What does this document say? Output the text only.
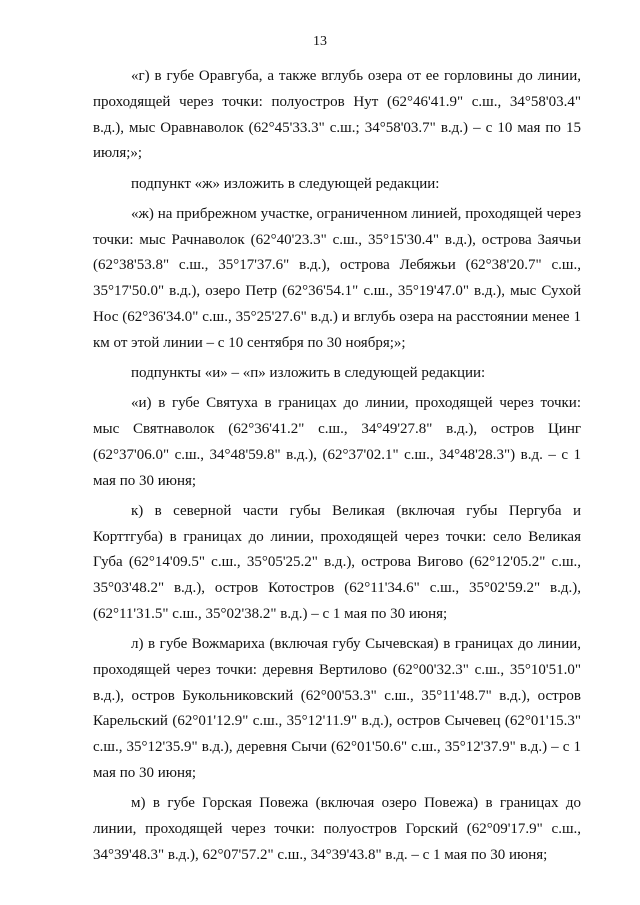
13

«г) в губе Оравгуба, а также вглубь озера от ее горловины до линии, проходящей через точки: полуостров Нут (62°46'41.9" с.ш., 34°58'03.4" в.д.), мыс Оравнаволок (62°45'33.3" с.ш.; 34°58'03.7" в.д.) – с 10 мая по 15 июля;»;

подпункт «ж» изложить в следующей редакции:

«ж) на прибрежном участке, ограниченном линией, проходящей через точки: мыс Рачнаволок (62°40'23.3" с.ш., 35°15'30.4" в.д.), острова Заячьи (62°38'53.8" с.ш., 35°17'37.6" в.д.), острова Лебяжьи (62°38'20.7" с.ш., 35°17'50.0" в.д.), озеро Петр (62°36'54.1" с.ш., 35°19'47.0" в.д.), мыс Сухой Нос (62°36'34.0" с.ш., 35°25'27.6" в.д.) и вглубь озера на расстоянии менее 1 км от этой линии – с 10 сентября по 30 ноября;»;

подпункты «и» – «п» изложить в следующей редакции:

«и) в губе Святуха в границах до линии, проходящей через точки: мыс Святнаволок (62°36'41.2" с.ш., 34°49'27.8" в.д.), остров Цинг (62°37'06.0" с.ш., 34°48'59.8" в.д.), (62°37'02.1" с.ш., 34°48'28.3") в.д. – с 1 мая по 30 июня;

к) в северной части губы Великая (включая губы Пергуба и Корттгуба) в границах до линии, проходящей через точки: село Великая Губа (62°14'09.5" с.ш., 35°05'25.2" в.д.), острова Вигово (62°12'05.2" с.ш., 35°03'48.2" в.д.), остров Котостров (62°11'34.6" с.ш., 35°02'59.2" в.д.), (62°11'31.5" с.ш., 35°02'38.2" в.д.) – с 1 мая по 30 июня;

л) в губе Вожмариха (включая губу Сычевская) в границах до линии, проходящей через точки: деревня Вертилово (62°00'32.3" с.ш., 35°10'51.0" в.д.), остров Букольниковский (62°00'53.3" с.ш., 35°11'48.7" в.д.), остров Карельский (62°01'12.9" с.ш., 35°12'11.9" в.д.), остров Сычевец (62°01'15.3" с.ш., 35°12'35.9" в.д.), деревня Сычи (62°01'50.6" с.ш., 35°12'37.9" в.д.) – с 1 мая по 30 июня;

м) в губе Горская Повежа (включая озеро Повежа) в границах до линии, проходящей через точки: полуостров Горский (62°09'17.9" с.ш., 34°39'48.3" в.д.), 62°07'57.2" с.ш., 34°39'43.8" в.д. – с 1 мая по 30 июня;
